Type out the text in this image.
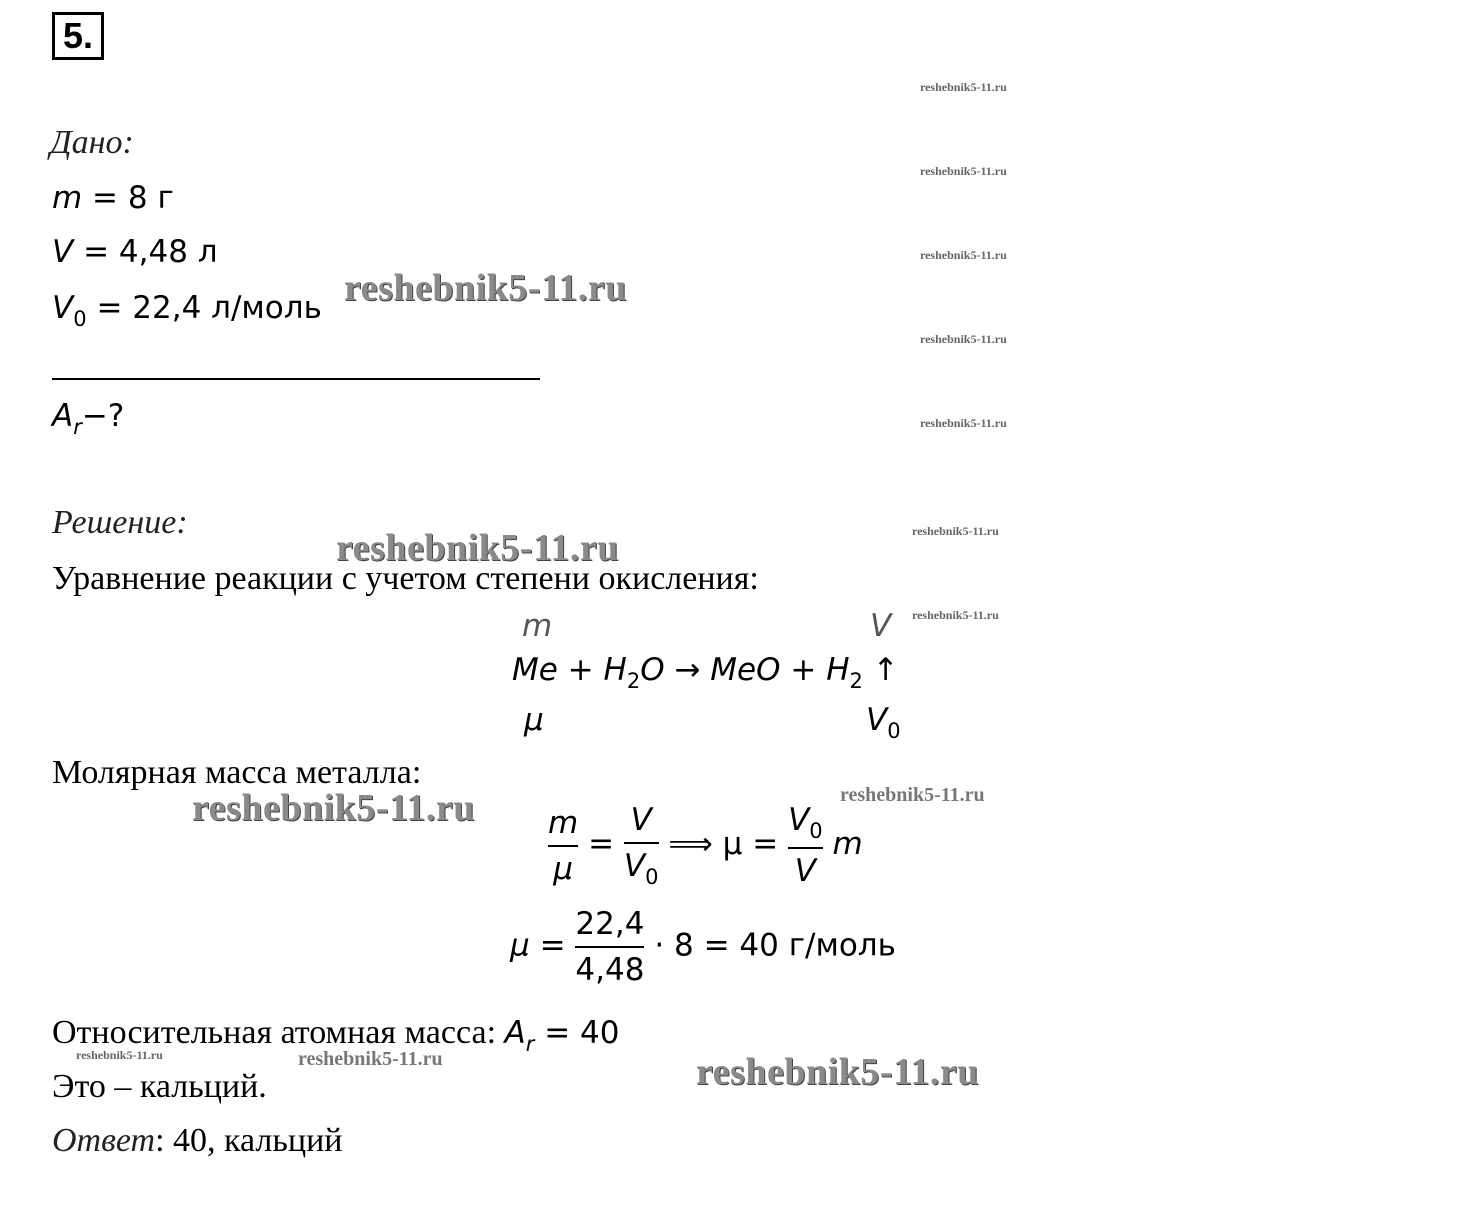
5.
reshebnik5-11.ru
reshebnik5-11.ru
reshebnik5-11.ru
reshebnik5-11.ru
reshebnik5-11.ru
reshebnik5-11.ru
reshebnik5-11.ru
reshebnik5-11.ru
Дано:
m = 8 г
V = 4,48 л
$V_0 = 22,4$ л/моль reshebnik5-11.ru
$A_r-$?
Решение:
reshebnik5-11.ru
Уравнение реакции с учетом степени окисления:
m	V
$Me + H_2O$ → MeO + $H_2$ ↑
μ	$V_0$
Молярная масса металла:
reshebnik5-11.ru	reshebnik5-11.ru
$\frac{m}{\mu} = \frac{V}{V_0}$ ⟹ $\mu = \frac{V_0}{V}$ m
$\mu = \frac{22,4}{4,48} \cdot 8 = 40$ г/моль
Относительная атомная масса: $A_r = 40$
reshebnik5-11.ru	reshebnik5-11.ru
Это – кальций.
Ответ: 40, кальций
